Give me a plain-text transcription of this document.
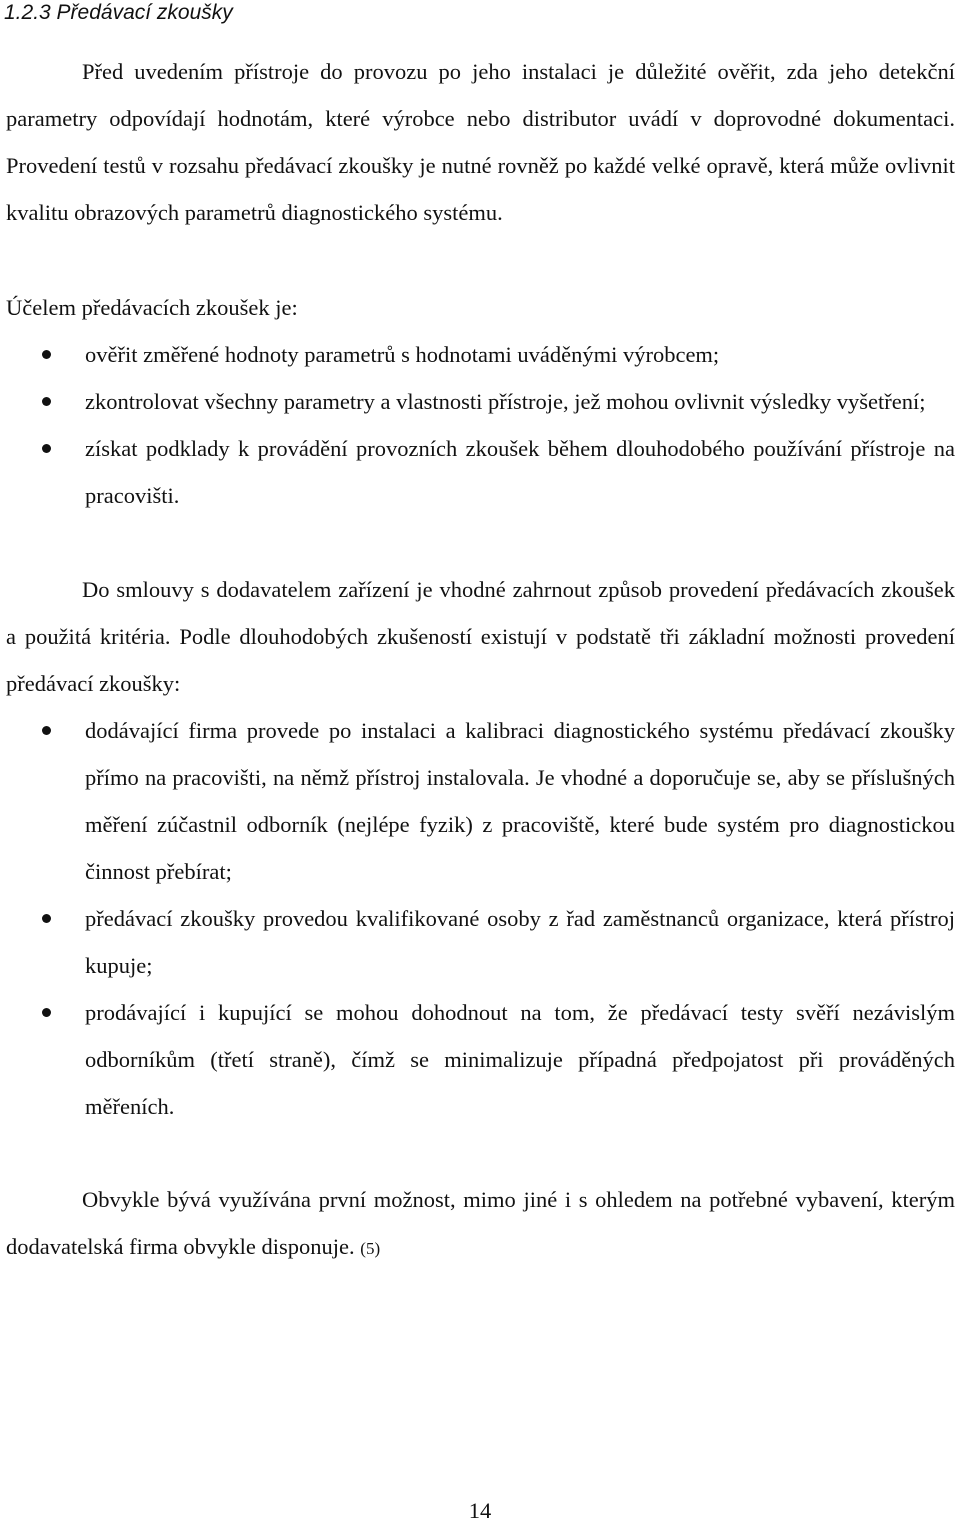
1.2.3 Předávací zkoušky

Před uvedením přístroje do provozu po jeho instalaci je důležité ověřit, zda jeho detekční parametry odpovídají hodnotám, které výrobce nebo distributor uvádí v doprovodné dokumentaci. Provedení testů v rozsahu předávací zkoušky je nutné rovněž po každé velké opravě, která může ovlivnit kvalitu obrazových parametrů diagnostického systému.

Účelem předávacích zkoušek je:

ověřit změřené hodnoty parametrů s hodnotami uváděnými výrobcem;
zkontrolovat všechny parametry a vlastnosti přístroje, jež mohou ovlivnit výsledky vyšetření;
získat podklady k provádění provozních zkoušek během dlouhodobého používání přístroje na pracovišti.

Do smlouvy s dodavatelem zařízení je vhodné zahrnout způsob provedení předávacích zkoušek a použitá kritéria. Podle dlouhodobých zkušeností existují v podstatě tři základní možnosti provedení předávací zkoušky:

dodávající firma provede po instalaci a kalibraci diagnostického systému předávací zkoušky přímo na pracovišti, na němž přístroj instalovala. Je vhodné a doporučuje se, aby se příslušných měření zúčastnil odborník (nejlépe fyzik) z pracoviště, které bude systém pro diagnostickou činnost přebírat;
předávací zkoušky provedou kvalifikované osoby z řad zaměstnanců organizace, která přístroj kupuje;
prodávající i kupující se mohou dohodnout na tom, že předávací testy svěří nezávislým odborníkům (třetí straně), čímž se minimalizuje případná předpojatost při prováděných měřeních.

Obvykle bývá využívána první možnost, mimo jiné i s ohledem na potřebné vybavení, kterým dodavatelská firma obvykle disponuje. (5)

14
